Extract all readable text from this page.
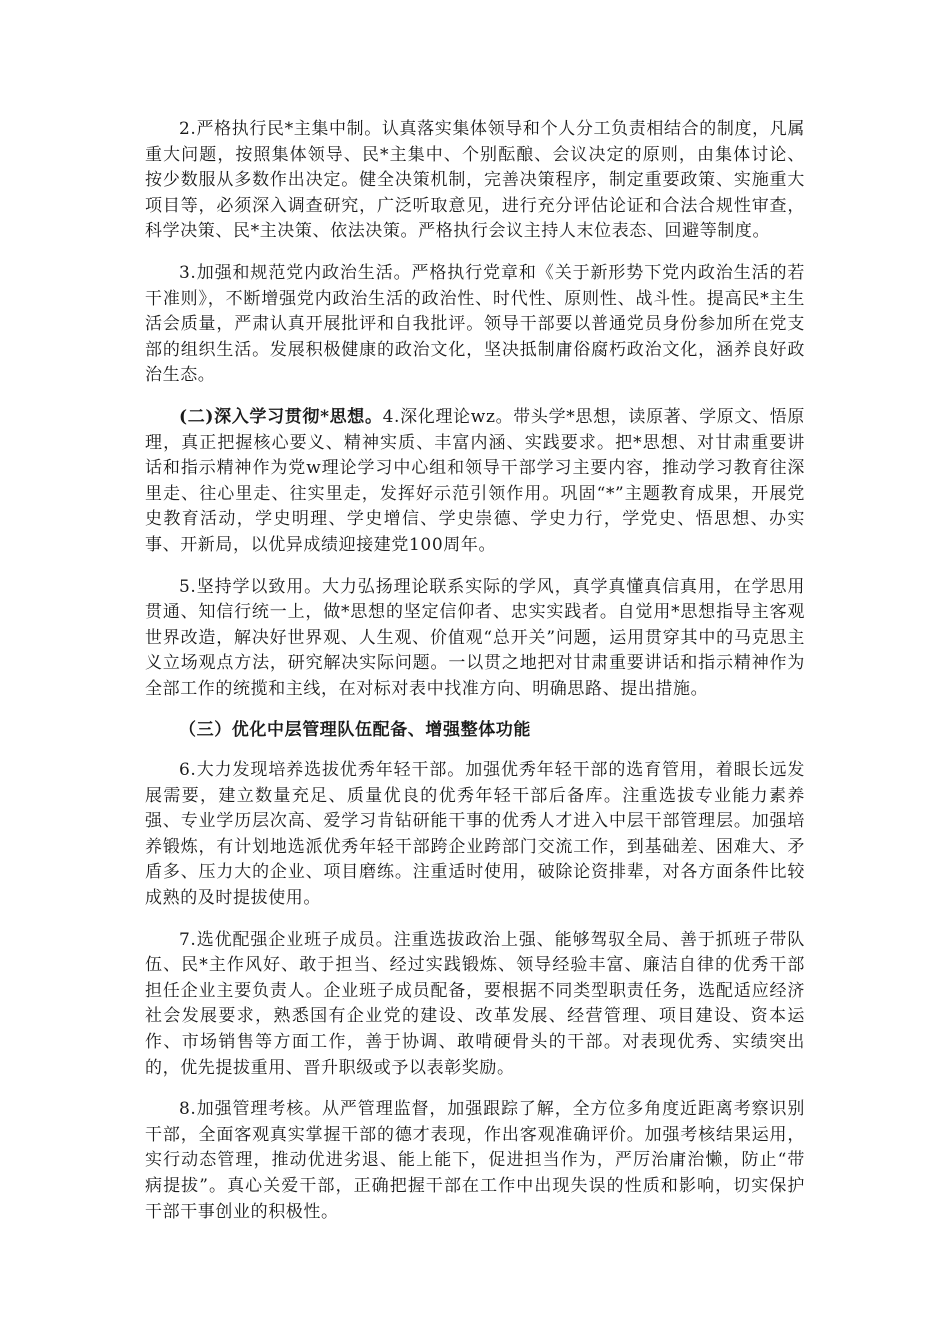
2.严格执行民*主集中制。认真落实集体领导和个人分工负责相结合的制度，凡属重大问题，按照集体领导、民*主集中、个别酝酿、会议决定的原则，由集体讨论、按少数服从多数作出决定。健全决策机制，完善决策程序，制定重要政策、实施重大项目等，必须深入调查研究，广泛听取意见，进行充分评估论证和合法合规性审查，科学决策、民*主决策、依法决策。严格执行会议主持人末位表态、回避等制度。

3.加强和规范党内政治生活。严格执行党章和《关于新形势下党内政治生活的若干准则》，不断增强党内政治生活的政治性、时代性、原则性、战斗性。提高民*主生活会质量，严肃认真开展批评和自我批评。领导干部要以普通党员身份参加所在党支部的组织生活。发展积极健康的政治文化，坚决抵制庸俗腐朽政治文化，涵养良好政治生态。

(二)深入学习贯彻*思想。4.深化理论wz。带头学*思想，读原著、学原文、悟原理，真正把握核心要义、精神实质、丰富内涵、实践要求。把*思想、对甘肃重要讲话和指示精神作为党w理论学习中心组和领导干部学习主要内容，推动学习教育往深里走、往心里走、往实里走，发挥好示范引领作用。巩固“*”主题教育成果，开展党史教育活动，学史明理、学史增信、学史崇德、学史力行，学党史、悟思想、办实事、开新局，以优异成绩迎接建党100周年。

5.坚持学以致用。大力弘扬理论联系实际的学风，真学真懂真信真用，在学思用贯通、知信行统一上，做*思想的坚定信仰者、忠实实践者。自觉用*思想指导主客观世界改造，解决好世界观、人生观、价值观“总开关”问题，运用贯穿其中的马克思主义立场观点方法，研究解决实际问题。一以贯之地把对甘肃重要讲话和指示精神作为全部工作的统揽和主线，在对标对表中找准方向、明确思路、提出措施。

（三）优化中层管理队伍配备、增强整体功能

6.大力发现培养选拔优秀年轻干部。加强优秀年轻干部的选育管用，着眼长远发展需要，建立数量充足、质量优良的优秀年轻干部后备库。注重选拔专业能力素养强、专业学历层次高、爱学习肯钻研能干事的优秀人才进入中层干部管理层。加强培养锻炼，有计划地选派优秀年轻干部跨企业跨部门交流工作，到基础差、困难大、矛盾多、压力大的企业、项目磨练。注重适时使用，破除论资排辈，对各方面条件比较成熟的及时提拔使用。

7.选优配强企业班子成员。注重选拔政治上强、能够驾驭全局、善于抓班子带队伍、民*主作风好、敢于担当、经过实践锻炼、领导经验丰富、廉洁自律的优秀干部担任企业主要负责人。企业班子成员配备，要根据不同类型职责任务，选配适应经济社会发展要求，熟悉国有企业党的建设、改革发展、经营管理、项目建设、资本运作、市场销售等方面工作，善于协调、敢啃硬骨头的干部。对表现优秀、实绩突出的，优先提拔重用、晋升职级或予以表彰奖励。

8.加强管理考核。从严管理监督，加强跟踪了解，全方位多角度近距离考察识别干部，全面客观真实掌握干部的德才表现，作出客观准确评价。加强考核结果运用，实行动态管理，推动优进劣退、能上能下，促进担当作为，严厉治庸治懒，防止“带病提拔”。真心关爱干部，正确把握干部在工作中出现失误的性质和影响，切实保护干部干事创业的积极性。
